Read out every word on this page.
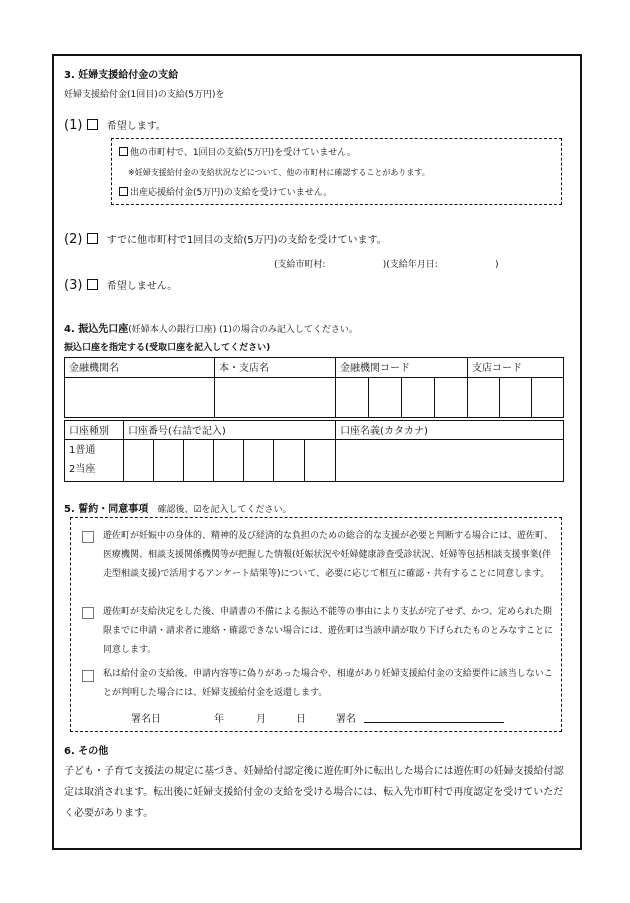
3. 妊婦支援給付金の支給
妊婦支援給付金(1回目)の支給(5万円)を
(1) 希望します。
他の市町村で、1回目の支給(5万円)を受けていません。
※妊婦支援給付金の支給状況などについて、他の市町村に確認することがあります。
出産応援給付金(5万円)の支給を受けていません。
(2) すでに他市町村で1回目の支給(5万円)の支給を受けています。
(支給市町村:                    )(支給年月日:                    )
(3) 希望しません。
4. 振込先口座(妊婦本人の銀行口座) (1)の場合のみ記入してください。
振込口座を指定する(受取口座を記入してください)
金融機関名	本・支店名	金融機関コード				支店コード		

口座種別	口座番号(右詰で記入)							口座名義(カタカナ)

1普通
2当座								

5. 誓約・同意事項 確認後、☑を記入してください。
遊佐町が妊娠中の身体的、精神的及び経済的な負担のための総合的な支援が必要と判断する場合には、遊佐町、医療機関、相談支援関係機関等が把握した情報(妊娠状況や妊婦健康診査受診状況、妊婦等包括相談支援事業(伴走型相談支援)で活用するアンケート結果等)について、必要に応じて相互に確認・共有することに同意します。
遊佐町が支給決定をした後、申請書の不備による振込不能等の事由により支払が完了せず、かつ、定められた期限までに申請・請求者に連絡・確認できない場合には、遊佐町は当該申請が取り下げられたものとみなすことに同意します。
私は給付金の支給後、申請内容等に偽りがあった場合や、相違があり妊婦支援給付金の支給要件に該当しないことが判明した場合には、妊婦支援給付金を返還します。
署名日	年	月	日	署名
6. その他
子ども・子育て支援法の規定に基づき、妊婦給付認定後に遊佐町外に転出した場合には遊佐町の妊婦支援給付認定は取消されます。転出後に妊婦支援給付金の支給を受ける場合には、転入先市町村で再度認定を受けていただく必要があります。
